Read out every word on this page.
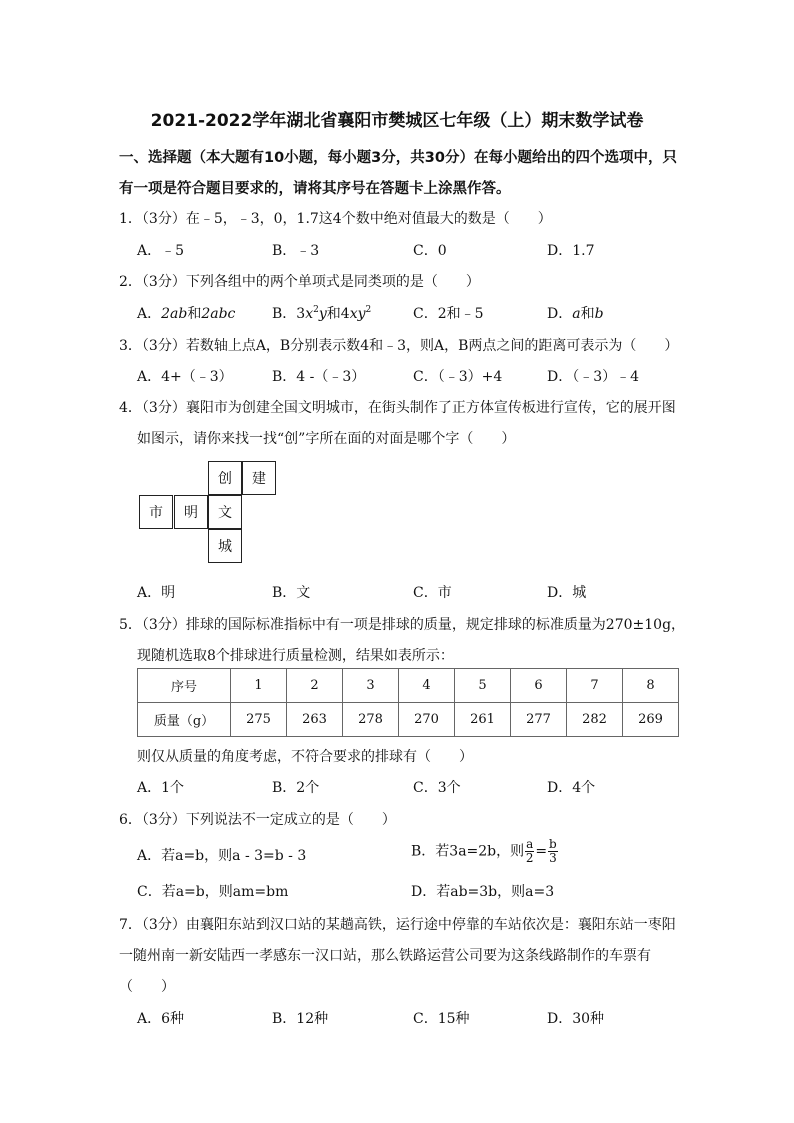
2021-2022学年湖北省襄阳市樊城区七年级（上）期末数学试卷
一、选择题（本大题有10小题，每小题3分，共30分）在每小题给出的四个选项中，只
有一项是符合题目要求的，请将其序号在答题卡上涂黑作答。
1．（3分）在﹣5，﹣3，0，1.7这4个数中绝对值最大的数是（　　）
A．﹣5	B．﹣3	C．0	D．1.7
2．（3分）下列各组中的两个单项式是同类项的是（　　）
A．2ab和2abc	B．$3x^2y$和$4xy^2$	C．2和﹣5	D．a和b
3．（3分）若数轴上点A，B分别表示数4和﹣3，则A，B两点之间的距离可表示为（　　）
A．4+（﹣3）	B．4 -（﹣3）	C．（﹣3）+4	D．（﹣3）﹣4
4．（3分）襄阳市为创建全国文明城市，在街头制作了正方体宣传板进行宣传，它的展开图
如图示，请你来找一找“创”字所在面的对面是哪个字（　　）
创	建
市	明	文
城
A．明	B．文	C．市	D．城
5．（3分）排球的国际标准指标中有一项是排球的质量，规定排球的标准质量为270±10g，
现随机选取8个排球进行质量检测，结果如表所示：
序号	1	2	3	4	5	6	7	8
质量（g）	275	263	278	270	261	277	282	269
则仅从质量的角度考虑，不符合要求的排球有（　　）
A．1个	B．2个	C．3个	D．4个
6．（3分）下列说法不一定成立的是（　　）
A．若a=b，则a - 3=b - 3	B．若3a=2b，则 $\frac{a}{2} = \frac{b}{3}$
C．若a=b，则am=bm	D．若ab=3b，则a=3
7．（3分）由襄阳东站到汉口站的某趟高铁，运行途中停靠的车站依次是：襄阳东站一枣阳
一随州南一新安陆西一孝感东一汉口站，那么铁路运营公司要为这条线路制作的车票有
（　　）
A．6种	B．12种	C．15种	D．30种
